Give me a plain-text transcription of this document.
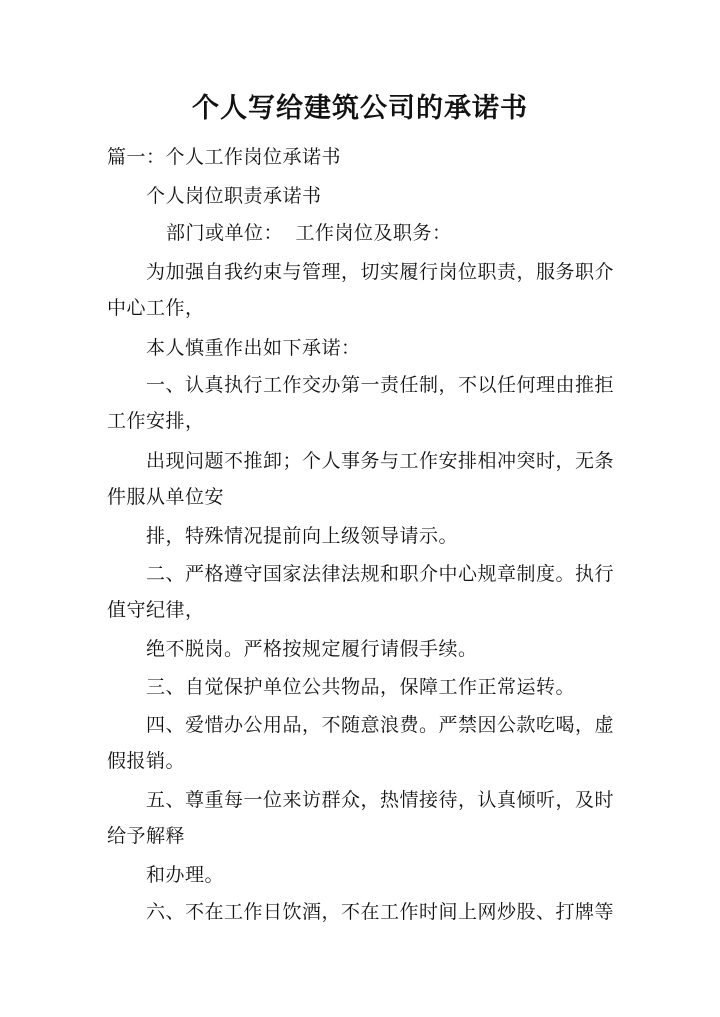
个人写给建筑公司的承诺书
篇一：个人工作岗位承诺书
个人岗位职责承诺书
部门或单位： 工作岗位及职务：
为加强自我约束与管理，切实履行岗位职责，服务职介
中心工作，
本人慎重作出如下承诺：
一、认真执行工作交办第一责任制，不以任何理由推拒
工作安排，
出现问题不推卸；个人事务与工作安排相冲突时，无条
件服从单位安
排，特殊情况提前向上级领导请示。
二、严格遵守国家法律法规和职介中心规章制度。执行
值守纪律，
绝不脱岗。严格按规定履行请假手续。
三、自觉保护单位公共物品，保障工作正常运转。
四、爱惜办公用品，不随意浪费。严禁因公款吃喝，虚
假报销。
五、尊重每一位来访群众，热情接待，认真倾听，及时
给予解释
和办理。
六、不在工作日饮酒，不在工作时间上网炒股、打牌等
